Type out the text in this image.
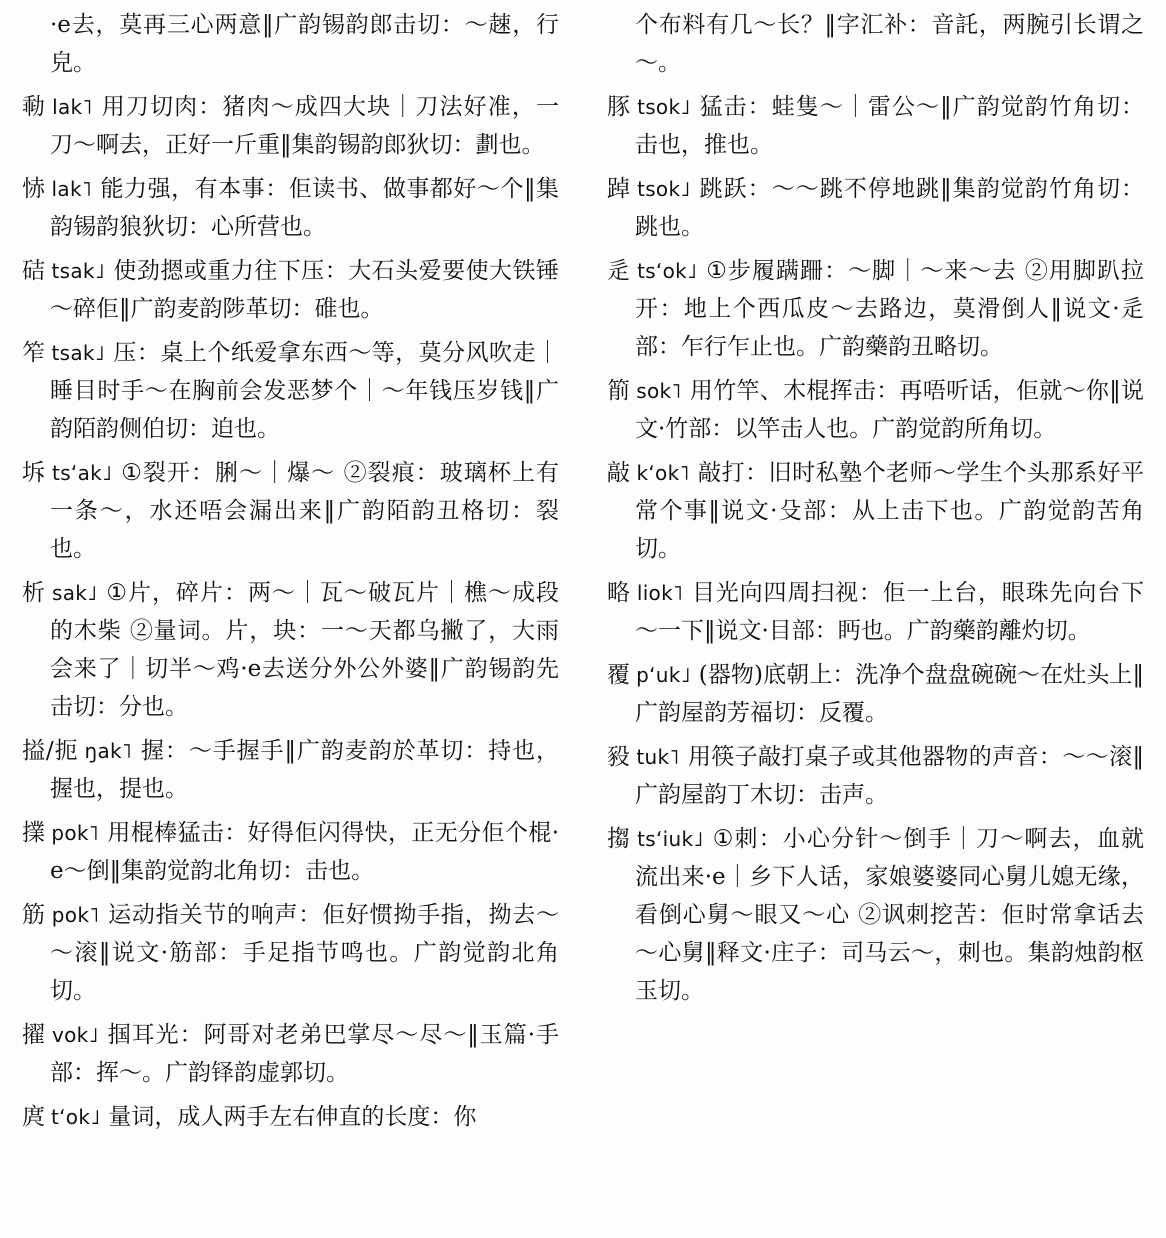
·e去，莫再三心两意‖广韵锡韵郎击切：～趚，行皃。

㔞 lak˥ 用刀切肉：猪肉～成四大块｜刀法好准，一刀～啊去，正好一斤重‖集韵锡韵郎狄切：劃也。

㤸 lak˥ 能力强，有本事：佢读书、做事都好～个‖集韵锡韵狼狄切：心所营也。

硈 tsak˩ 使劲摁或重力往下压：大石头爱要使大铁锤～碎佢‖广韵麦韵陟革切：碓也。

笮 tsak˩ 压：桌上个纸爱拿东西～等，莫分风吹走｜睡目时手～在胸前会发恶梦个｜～年钱压岁钱‖广韵陌韵侧伯切：迫也。

坼 tsʻak˩ ①裂开：脷～｜爆～ ②裂痕：玻璃杯上有一条～，水还唔会漏出来‖广韵陌韵丑格切：裂也。

析 sak˩ ①片，碎片：两～｜瓦～破瓦片｜樵～成段的木柴 ②量词。片，块：一～天都乌撇了，大雨会来了｜切半～鸡·e去送分外公外婆‖广韵锡韵先击切：分也。

搤/扼 ŋak˥ 握：～手握手‖广韵麦韵於革切：持也，握也，提也。

擈 pok˥ 用棍棒猛击：好得佢闪得快，正无分佢个棍·e～倒‖集韵觉韵北角切：击也。

筋 pok˥ 运动指关节的响声：佢好惯拗手指，拗去～～滚‖说文·筋部：手足指节鸣也。广韵觉韵北角切。

擢 vok˩ 掴耳光：阿哥对老弟巴掌尽～尽～‖玉篇·手部：挥～。广韵铎韵虚郭切。

庹 tʻok˩ 量词，成人两手左右伸直的长度：你

个布料有几～长？‖字汇补：音託，两腕引长谓之～。

豚 tsok˩ 猛击：蛙隻～｜雷公～‖广韵觉韵竹角切：击也，推也。

踔 tsok˩ 跳跃：～～跳不停地跳‖集韵觉韵竹角切：跳也。

辵 tsʻok˩ ①步履蹒跚：～脚｜～来～去 ②用脚趴拉开：地上个西瓜皮～去路边，莫滑倒人‖说文·辵部：乍行乍止也。广韵藥韵丑略切。

箾 sok˥ 用竹竿、木棍挥击：再唔听话，佢就～你‖说文·竹部：以竿击人也。广韵觉韵所角切。

敲 kʻok˥ 敲打：旧时私塾个老师～学生个头那系好平常个事‖说文·殳部：从上击下也。广韵觉韵苦角切。

略 liok˥ 目光向四周扫视：佢一上台，眼珠先向台下～一下‖说文·目部：眄也。广韵藥韵離灼切。

覆 pʻuk˩ (器物)底朝上：洗净个盘盘碗碗～在灶头上‖广韵屋韵芳福切：反覆。

豛 tuk˥ 用筷子敲打桌子或其他器物的声音：～～滚‖广韵屋韵丁木切：击声。

搊 tsʻiuk˩ ①刺：小心分针～倒手｜刀～啊去，血就流出来·e｜乡下人话，家娘婆婆同心舅儿媳无缘，看倒心舅～眼又～心 ②讽刺挖苦：佢时常拿话去～心舅‖释文·庄子：司马云～，刺也。集韵烛韵枢玉切。
